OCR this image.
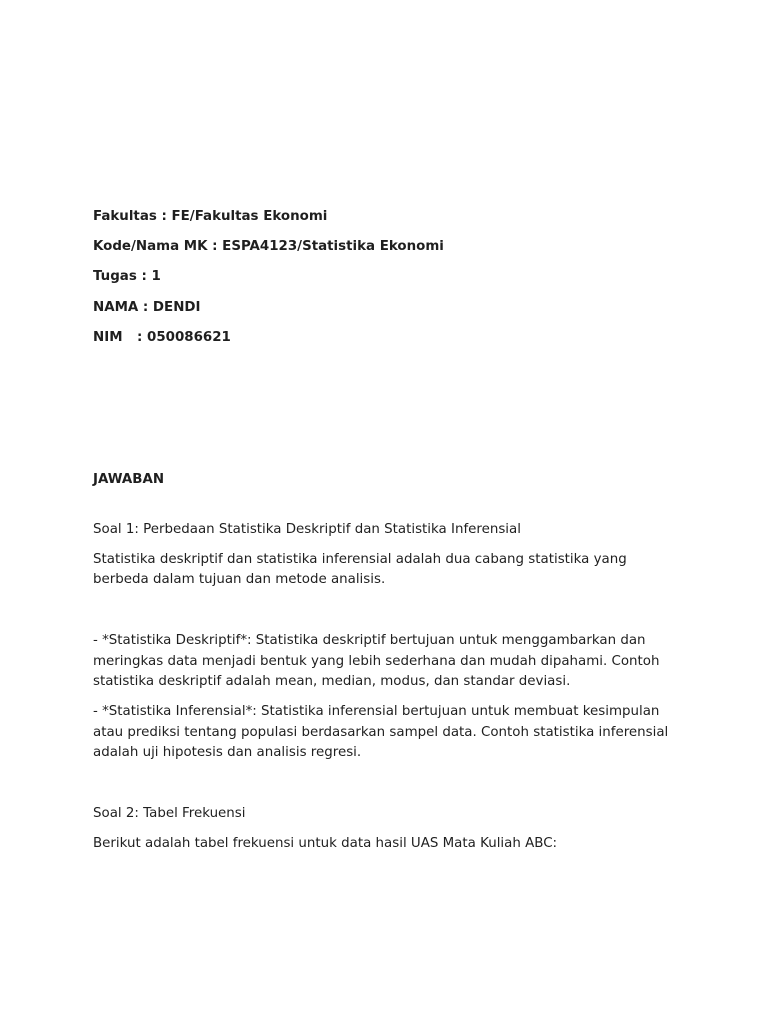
Fakultas : FE/Fakultas Ekonomi

Kode/Nama MK : ESPA4123/Statistika Ekonomi

Tugas : 1

NAMA : DENDI

NIM	: 050086621

JAWABAN

Soal 1: Perbedaan Statistika Deskriptif dan Statistika Inferensial

Statistika deskriptif dan statistika inferensial adalah dua cabang statistika yang berbeda dalam tujuan dan metode analisis.

- *Statistika Deskriptif*: Statistika deskriptif bertujuan untuk menggambarkan dan meringkas data menjadi bentuk yang lebih sederhana dan mudah dipahami. Contoh statistika deskriptif adalah mean, median, modus, dan standar deviasi.

- *Statistika Inferensial*: Statistika inferensial bertujuan untuk membuat kesimpulan atau prediksi tentang populasi berdasarkan sampel data. Contoh statistika inferensial adalah uji hipotesis dan analisis regresi.

Soal 2: Tabel Frekuensi

Berikut adalah tabel frekuensi untuk data hasil UAS Mata Kuliah ABC:
